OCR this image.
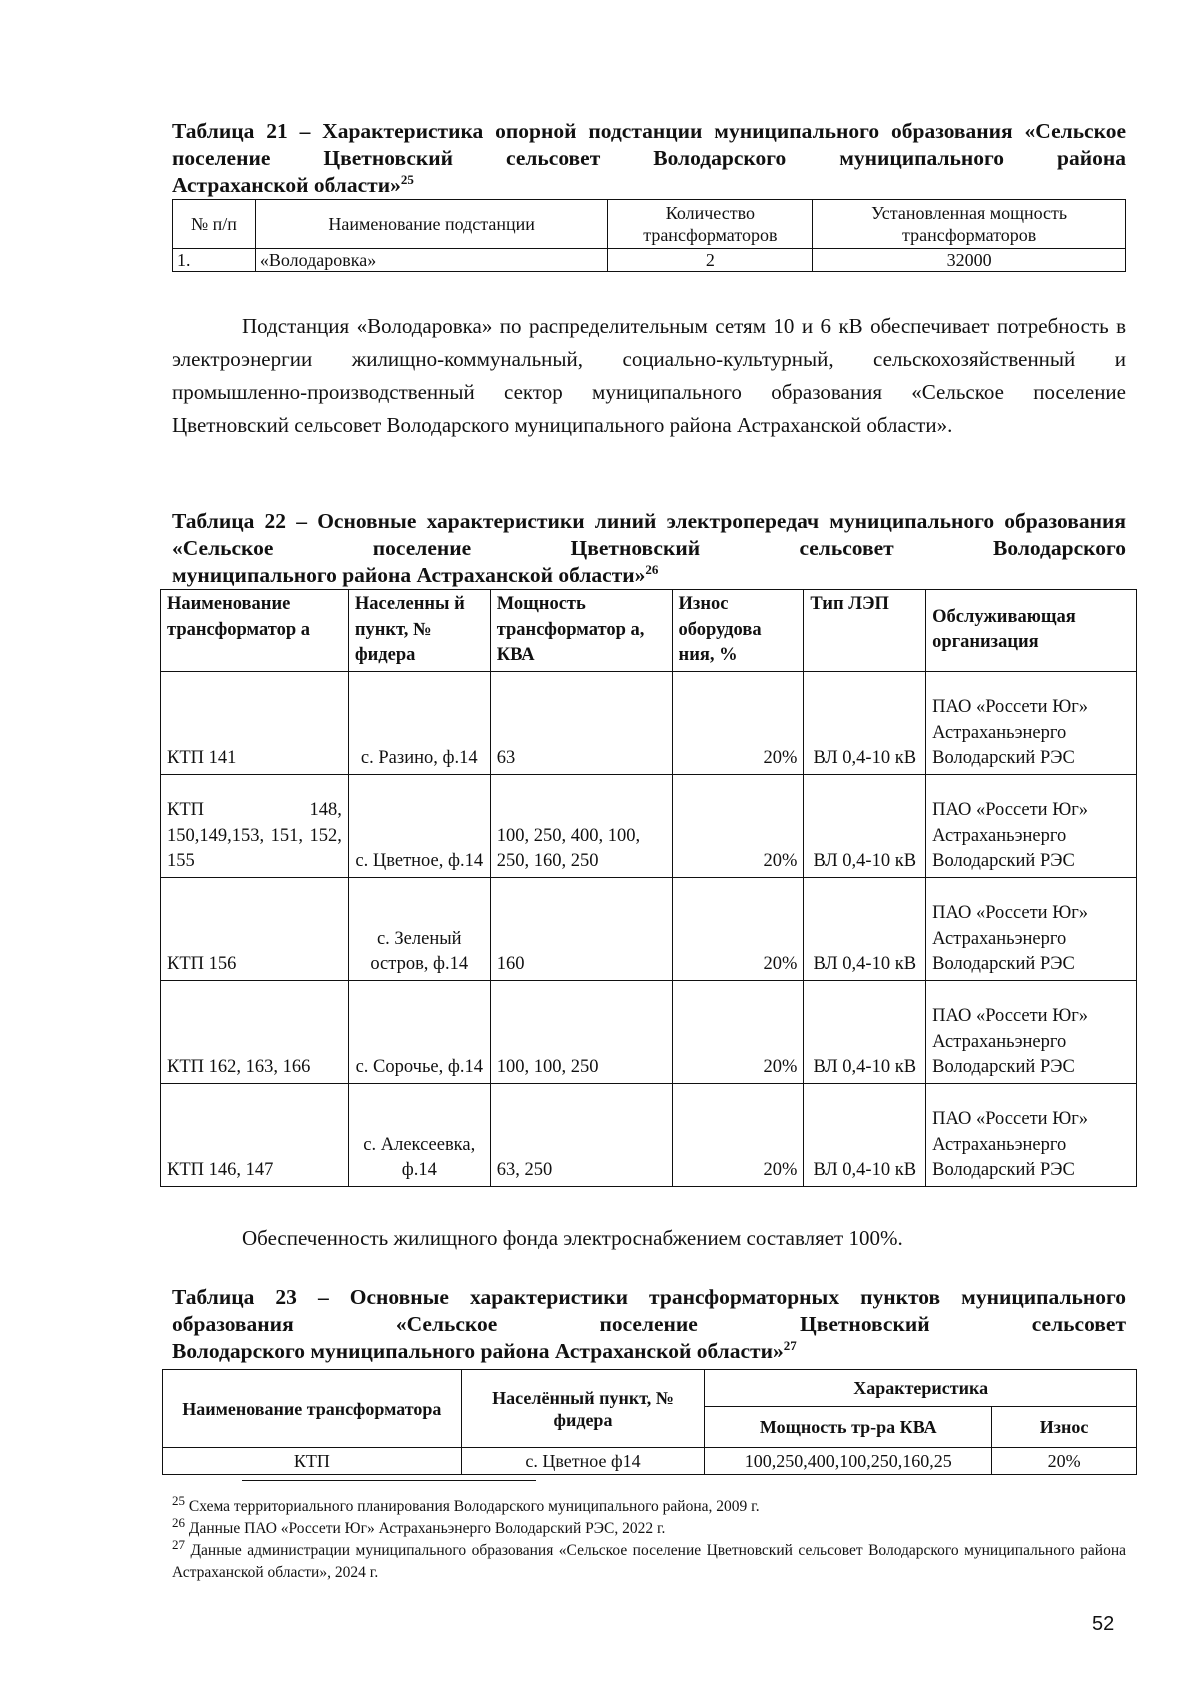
Таблица 21 – Характеристика опорной подстанции муниципального образования «Сельское поселение Цветновский сельсовет Володарского муниципального района
Астраханской области»$^{25}$
№ п/п	Наименование подстанции	Количество трансформаторов	Установленная мощность трансформаторов
1.	«Володаровка»	2	32000
Подстанция «Володаровка» по распределительным сетям 10 и 6 кВ обеспечивает потребность в электроэнергии жилищно-коммунальный, социально-культурный, сельскохозяйственный и промышленно-производственный сектор муниципального образования «Сельское поселение Цветновский сельсовет Володарского муниципального района Астраханской области».
Таблица 22 – Основные характеристики линий электропередач муниципального образования «Сельское поселение Цветновский сельсовет Володарского
муниципального района Астраханской области»$^{26}$
Наименование трансформатор а	Населенны й пункт, № фидера	Мощность трансформатор а, КВА	Износ оборудова ния, %	Тип ЛЭП	Обслуживающая организация
КТП 141	с. Разино, ф.14	63	20%	ВЛ 0,4-10 кВ	ПАО «Россети Юг» Астраханьэнерго Володарский РЭС
КТП 148, 150,149,153, 151, 152, 155	с. Цветное, ф.14	100, 250, 400, 100, 250, 160, 250	20%	ВЛ 0,4-10 кВ	ПАО «Россети Юг» Астраханьэнерго Володарский РЭС
КТП 156	с. Зеленый остров, ф.14	160	20%	ВЛ 0,4-10 кВ	ПАО «Россети Юг» Астраханьэнерго Володарский РЭС
КТП 162, 163, 166	с. Сорочье, ф.14	100, 100, 250	20%	ВЛ 0,4-10 кВ	ПАО «Россети Юг» Астраханьэнерго Володарский РЭС
КТП 146, 147	с. Алексеевка, ф.14	63, 250	20%	ВЛ 0,4-10 кВ	ПАО «Россети Юг» Астраханьэнерго Володарский РЭС
Обеспеченность жилищного фонда электроснабжением составляет 100%.
Таблица 23 – Основные характеристики трансформаторных пунктов муниципального образования «Сельское поселение Цветновский сельсовет
Володарского муниципального района Астраханской области»$^{27}$
Наименование трансформатора	Населённый пункт, № фидера	Характеристика	
		Мощность тр-ра КВА	Износ
КТП	с. Цветное ф14	100,250,400,100,250,160,25	20%
$^{25}$ Схема территориального планирования Володарского муниципального района, 2009 г.
$^{26}$ Данные ПАО «Россети Юг» Астраханьэнерго Володарский РЭС, 2022 г.
$^{27}$ Данные администрации муниципального образования «Сельское поселение Цветновский сельсовет Володарского муниципального района Астраханской области», 2024 г.
52
